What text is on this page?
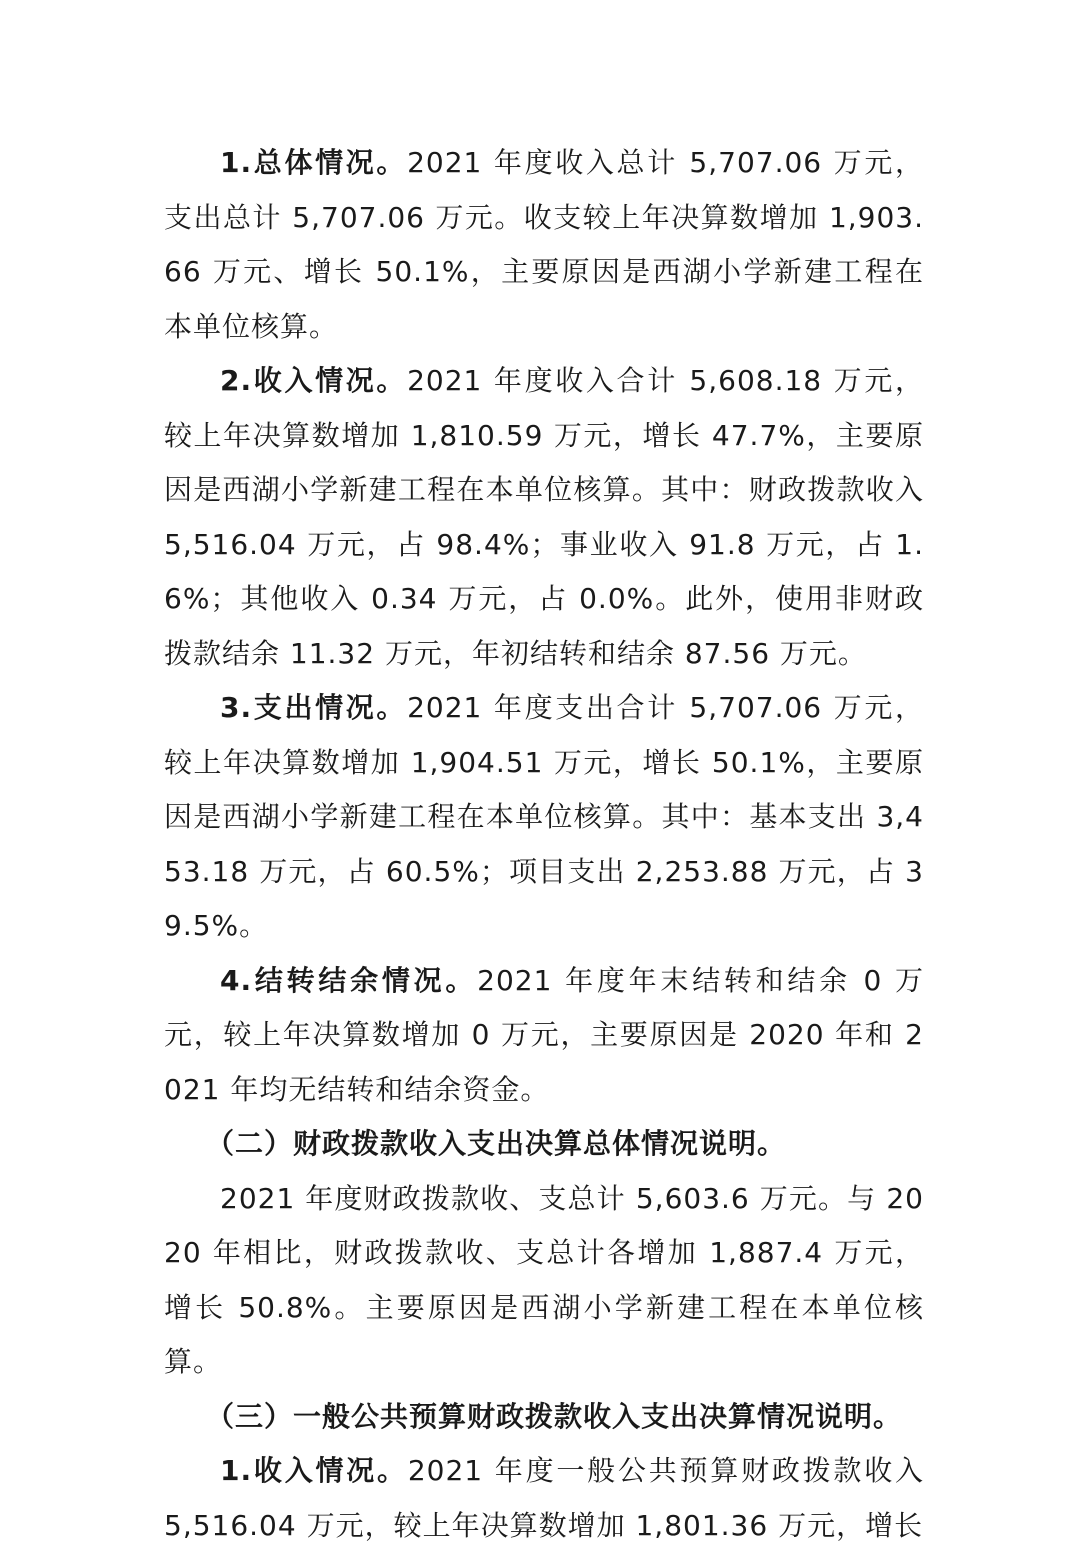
1.总体情况。2021 年度收入总计 5,707.06 万元，支出总计 5,707.06 万元。收支较上年决算数增加 1,903.66 万元、增长 50.1%，主要原因是西湖小学新建工程在本单位核算。

2.收入情况。2021 年度收入合计 5,608.18 万元，较上年决算数增加 1,810.59 万元，增长 47.7%，主要原因是西湖小学新建工程在本单位核算。其中：财政拨款收入 5,516.04 万元，占 98.4%；事业收入 91.8 万元，占 1.6%；其他收入 0.34 万元，占 0.0%。此外，使用非财政拨款结余 11.32 万元，年初结转和结余 87.56 万元。

3.支出情况。2021 年度支出合计 5,707.06 万元，较上年决算数增加 1,904.51 万元，增长 50.1%，主要原因是西湖小学新建工程在本单位核算。其中：基本支出 3,453.18 万元，占 60.5%；项目支出 2,253.88 万元，占 39.5%。

4.结转结余情况。2021 年度年末结转和结余 0 万元，较上年决算数增加 0 万元，主要原因是 2020 年和 2021 年均无结转和结余资金。

（二）财政拨款收入支出决算总体情况说明。

2021 年度财政拨款收、支总计 5,603.6 万元。与 2020 年相比，财政拨款收、支总计各增加 1,887.4 万元，增长 50.8%。主要原因是西湖小学新建工程在本单位核算。

（三）一般公共预算财政拨款收入支出决算情况说明。

1.收入情况。2021 年度一般公共预算财政拨款收入 5,516.04 万元，较上年决算数增加 1,801.36 万元，增长
